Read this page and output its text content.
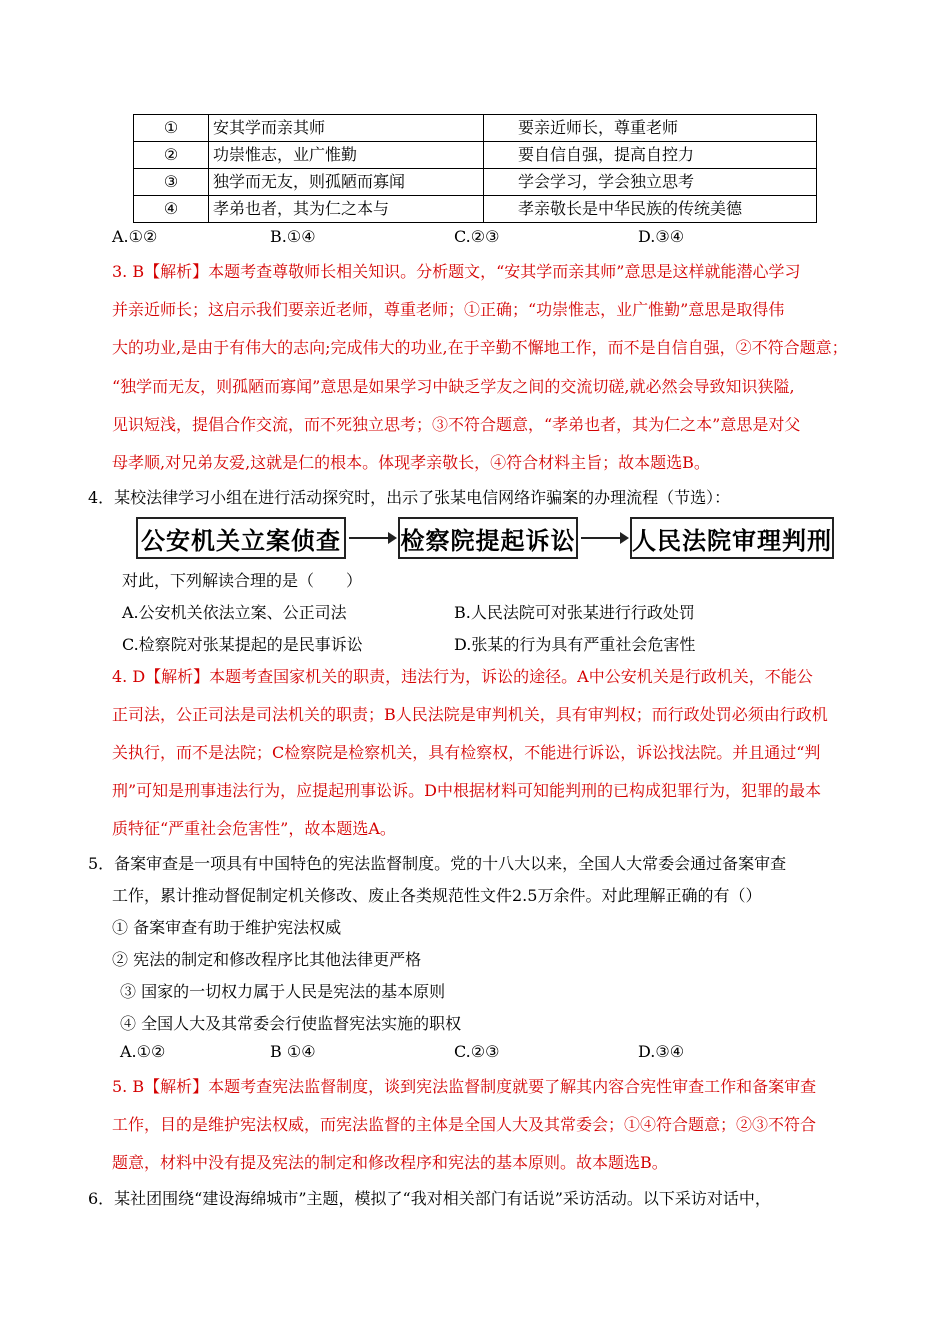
①	安其学而亲其师	要亲近师长，尊重老师
②	功崇惟志，业广惟勤	要自信自强，提高自控力
③	独学而无友，则孤陋而寡闻	学会学习，学会独立思考
④	孝弟也者，其为仁之本与	孝亲敬长是中华民族的传统美德
A.①②	B.①④	C.②③	D.③④
3. B【解析】本题考查尊敬师长相关知识。分析题文，“安其学而亲其师”意思是这样就能潜心学习
并亲近师长；这启示我们要亲近老师，尊重老师；①正确；“功崇惟志，业广惟勤”意思是取得伟
大的功业,是由于有伟大的志向;完成伟大的功业,在于辛勤不懈地工作，而不是自信自强，②不符合题意；
“独学而无友，则孤陋而寡闻”意思是如果学习中缺乏学友之间的交流切磋,就必然会导致知识狭隘,
见识短浅，提倡合作交流，而不死独立思考；③不符合题意，“孝弟也者，其为仁之本”意思是对父
母孝顺,对兄弟友爱,这就是仁的根本。体现孝亲敬长，④符合材料主旨；故本题选B。
4．某校法律学习小组在进行活动探究时，出示了张某电信网络诈骗案的办理流程（节选）：
公安机关立案侦查 检察院提起诉讼 人民法院审理判刑
对此，下列解读合理的是（　　）
A.公安机关依法立案、公正司法	B.人民法院可对张某进行行政处罚
C.检察院对张某提起的是民事诉讼	D.张某的行为具有严重社会危害性
4. D【解析】本题考查国家机关的职责，违法行为，诉讼的途径。A中公安机关是行政机关，不能公
正司法，公正司法是司法机关的职责；B人民法院是审判机关，具有审判权；而行政处罚必须由行政机
关执行，而不是法院；C检察院是检察机关，具有检察权，不能进行诉讼，诉讼找法院。并且通过“判
刑”可知是刑事违法行为，应提起刑事讼诉。D中根据材料可知能判刑的已构成犯罪行为，犯罪的最本
质特征“严重社会危害性”，故本题选A。
5．备案审查是一项具有中国特色的宪法监督制度。党的十八大以来，全国人大常委会通过备案审查
工作，累计推动督促制定机关修改、废止各类规范性文件2.5万余件。对此理解正确的有（）
① 备案审查有助于维护宪法权威
② 宪法的制定和修改程序比其他法律更严格
③ 国家的一切权力属于人民是宪法的基本原则
④ 全国人大及其常委会行使监督宪法实施的职权
A.①②	B ①④	C.②③	D.③④
5. B【解析】本题考查宪法监督制度，谈到宪法监督制度就要了解其内容合宪性审查工作和备案审查
工作，目的是维护宪法权威，而宪法监督的主体是全国人大及其常委会；①④符合题意；②③不符合
题意，材料中没有提及宪法的制定和修改程序和宪法的基本原则。故本题选B。
6．某社团围绕“建设海绵城市”主题，模拟了“我对相关部门有话说”采访活动。以下采访对话中，
